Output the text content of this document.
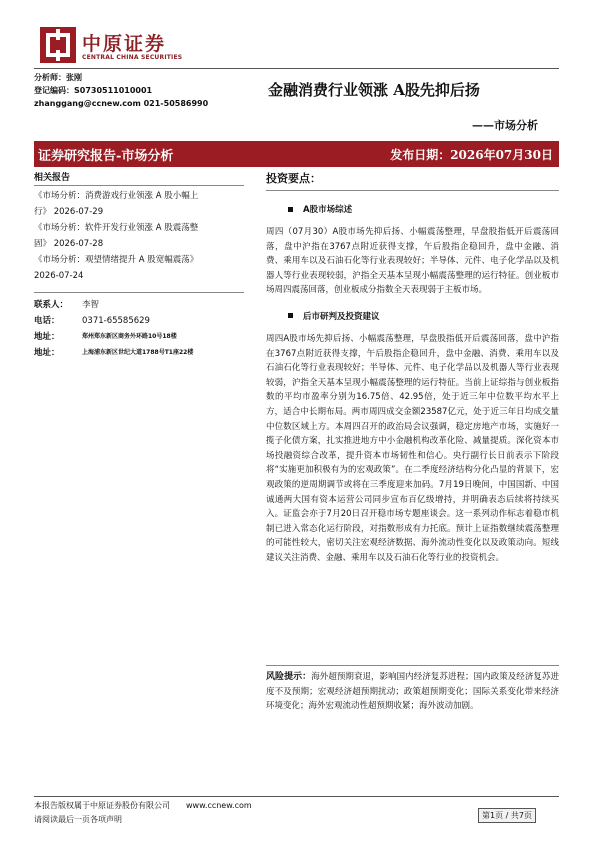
中原证券
CENTRAL CHINA SECURITIES
分析师：张刚
登记编码：S0730511010001
zhanggang@ccnew.com 021-50586990
金融消费行业领涨 A股先抑后扬
——市场分析
证券研究报告-市场分析	发布日期：2026年07月30日
相关报告
《市场分析：消费游戏行业领涨 A 股小幅上
行》 2026-07-29
《市场分析：软件开发行业领涨 A 股震荡整
固》 2026-07-28
《市场分析：观望情绪提升 A 股宽幅震荡》
2026-07-24
联系人：	李智
电话：	0371-65585629
地址：	郑州郑东新区商务外环路10号18楼
地址：	上海浦东新区世纪大道1788号T1座22楼
投资要点：
A股市场综述
周四（07月30）A股市场先抑后扬、小幅震荡整理，早盘股指低开后震荡回落，盘中沪指在3767点附近获得支撑，午后股指企稳回升，盘中金融、消费、乘用车以及石油石化等行业表现较好；半导体、元件、电子化学品以及机器人等行业表现较弱，沪指全天基本呈现小幅震荡整理的运行特征。创业板市场周四震荡回落，创业板成分指数全天表现弱于主板市场。
后市研判及投资建议
周四A股市场先抑后扬、小幅震荡整理，早盘股指低开后震荡回落，盘中沪指在3767点附近获得支撑，午后股指企稳回升，盘中金融、消费、乘用车以及石油石化等行业表现较好；半导体、元件、电子化学品以及机器人等行业表现较弱，沪指全天基本呈现小幅震荡整理的运行特征。当前上证综指与创业板指数的平均市盈率分别为16.75倍、42.95倍，处于近三年中位数平均水平上方，适合中长期布局。两市周四成交金额23587亿元，处于近三年日均成交量中位数区域上方。本周四召开的政治局会议强调，稳定房地产市场，实施好一揽子化债方案，扎实推进地方中小金融机构改革化险、减量提质。深化资本市场投融资综合改革，提升资本市场韧性和信心。央行副行长日前表示下阶段将“实施更加积极有为的宏观政策”。在二季度经济结构分化凸显的背景下，宏观政策的逆周期调节或将在三季度迎来加码。7月19日晚间，中国国新、中国诚通两大国有资本运营公司同步宣布百亿级增持，并明确表态后续将持续买入。证监会亦于7月20日召开稳市场专题座谈会。这一系列动作标志着稳市机制已进入常态化运行阶段，对指数形成有力托底。预计上证指数继续震荡整理的可能性较大，密切关注宏观经济数据、海外流动性变化以及政策动向。短线建议关注消费、金融、乘用车以及石油石化等行业的投资机会。
风险提示：海外超预期衰退，影响国内经济复苏进程；国内政策及经济复苏进度不及预期；宏观经济超预期扰动；政策超预期变化；国际关系变化带来经济环境变化；海外宏观流动性超预期收紧；海外波动加剧。
本报告版权属于中原证券股份有限公司 www.ccnew.com
请阅读最后一页各项声明	第1页 / 共7页
